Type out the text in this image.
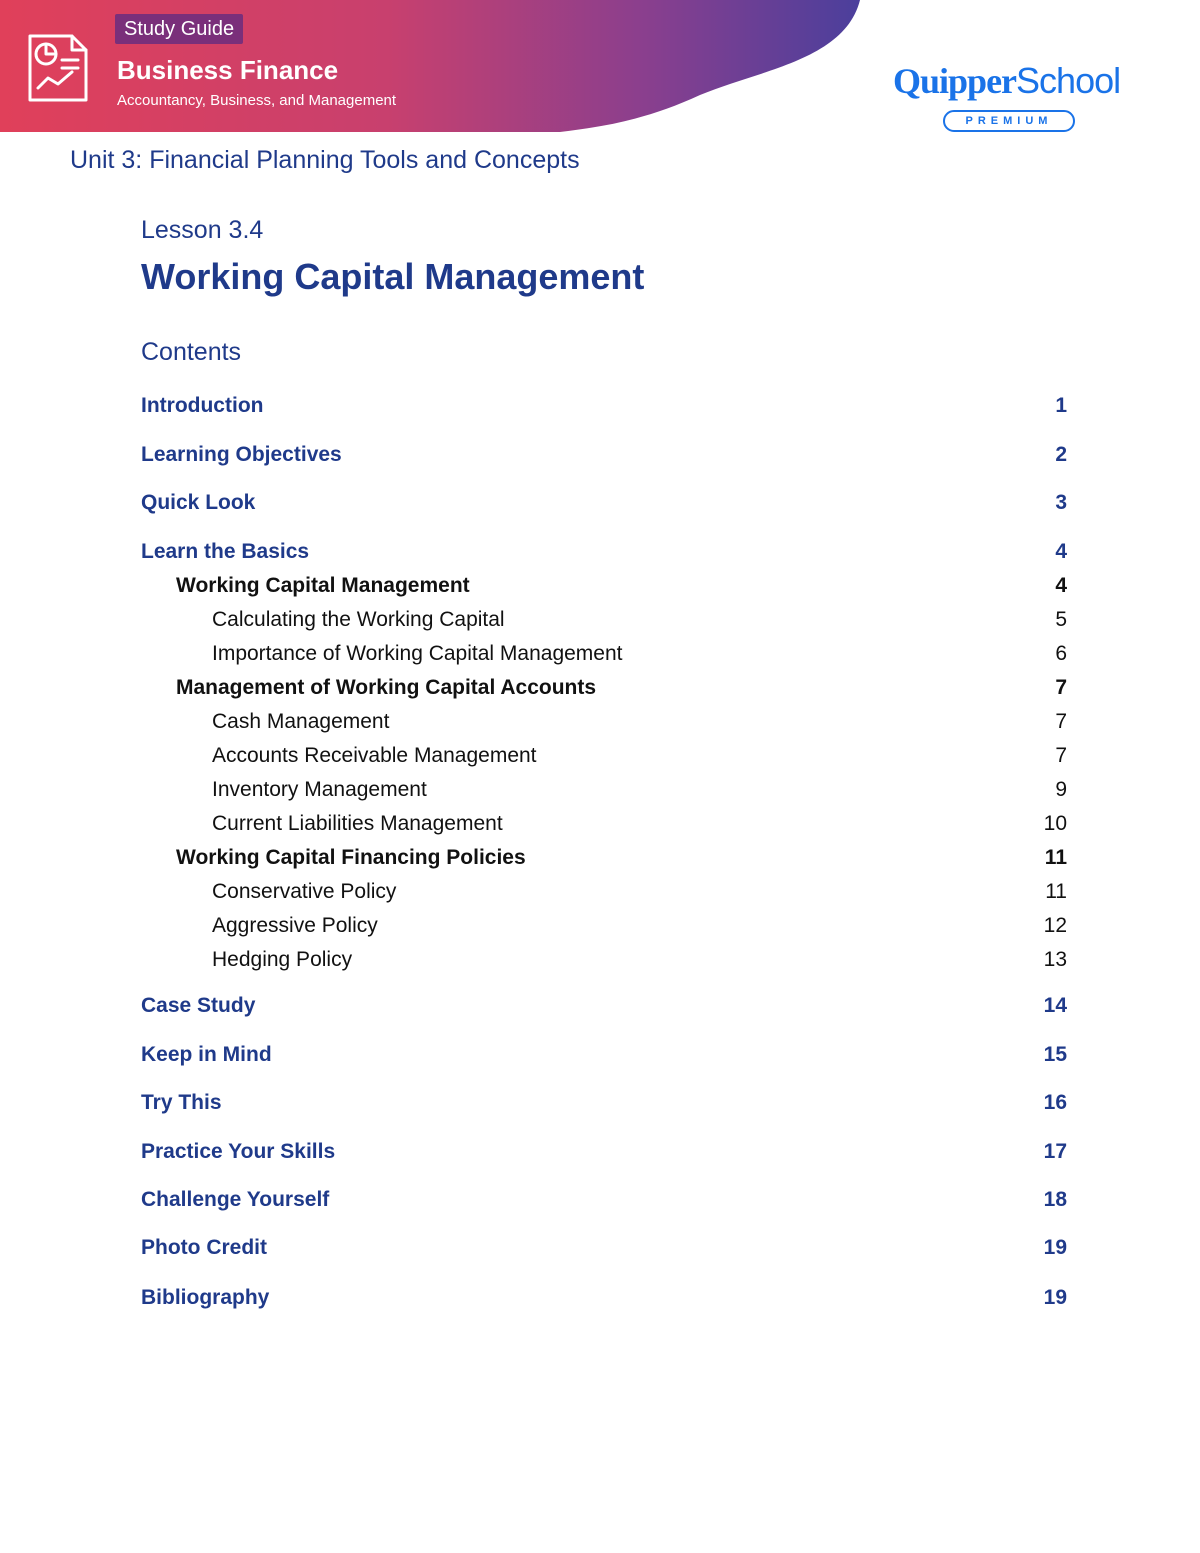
Study Guide
Business Finance
Accountancy, Business, and Management	QuipperSchool
PREMIUM
Unit 3: Financial Planning Tools and Concepts
Lesson 3.4
Working Capital Management
Contents
Introduction	1
Learning Objectives	2
Quick Look	3
Learn the Basics	4
Working Capital Management	4
Calculating the Working Capital	5
Importance of Working Capital Management	6
Management of Working Capital Accounts	7
Cash Management	7
Accounts Receivable Management	7
Inventory Management	9
Current Liabilities Management	10
Working Capital Financing Policies	11
Conservative Policy	11
Aggressive Policy	12
Hedging Policy	13
Case Study	14
Keep in Mind	15
Try This	16
Practice Your Skills	17
Challenge Yourself	18
Photo Credit	19
Bibliography	19
